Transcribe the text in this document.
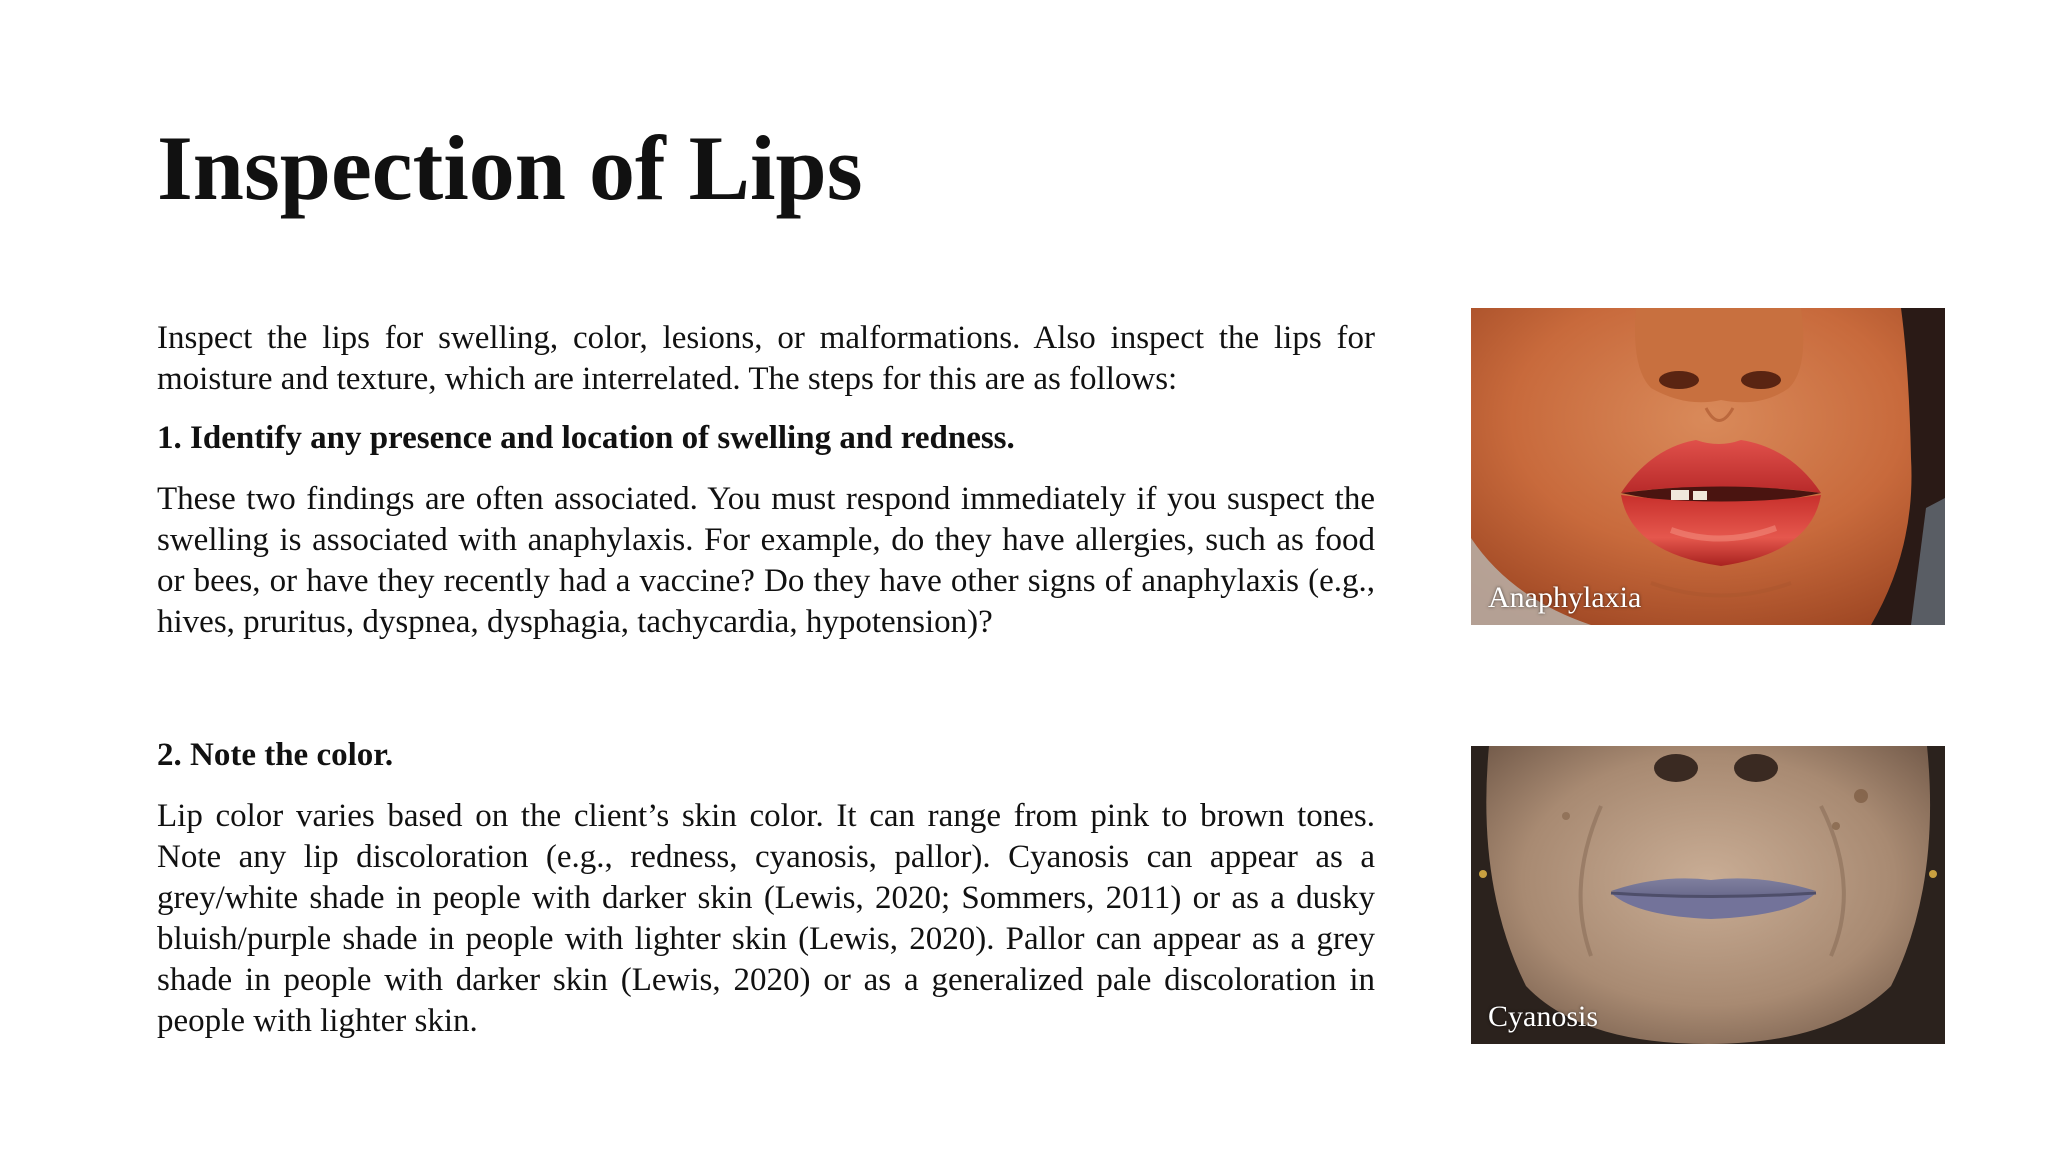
Inspection of Lips

Inspect the lips for swelling, color, lesions, or malformations. Also inspect the lips for moisture and texture, which are interrelated. The steps for this are as follows:

1. Identify any presence and location of swelling and redness.

These two findings are often associated. You must respond immediately if you suspect the swelling is associated with anaphylaxis. For example, do they have allergies, such as food or bees, or have they recently had a vaccine? Do they have other signs of anaphylaxis (e.g., hives, pruritus, dyspnea, dysphagia, tachycardia, hypotension)?

2. Note the color.

Lip color varies based on the client’s skin color. It can range from pink to brown tones. Note any lip discoloration (e.g., redness, cyanosis, pallor). Cyanosis can appear as a grey/white shade in people with darker skin (Lewis, 2020; Sommers, 2011) or as a dusky bluish/purple shade in people with lighter skin (Lewis, 2020). Pallor can appear as a grey shade in people with darker skin (Lewis, 2020) or as a generalized pale discoloration in people with lighter skin.

Anaphylaxia
Cyanosis
